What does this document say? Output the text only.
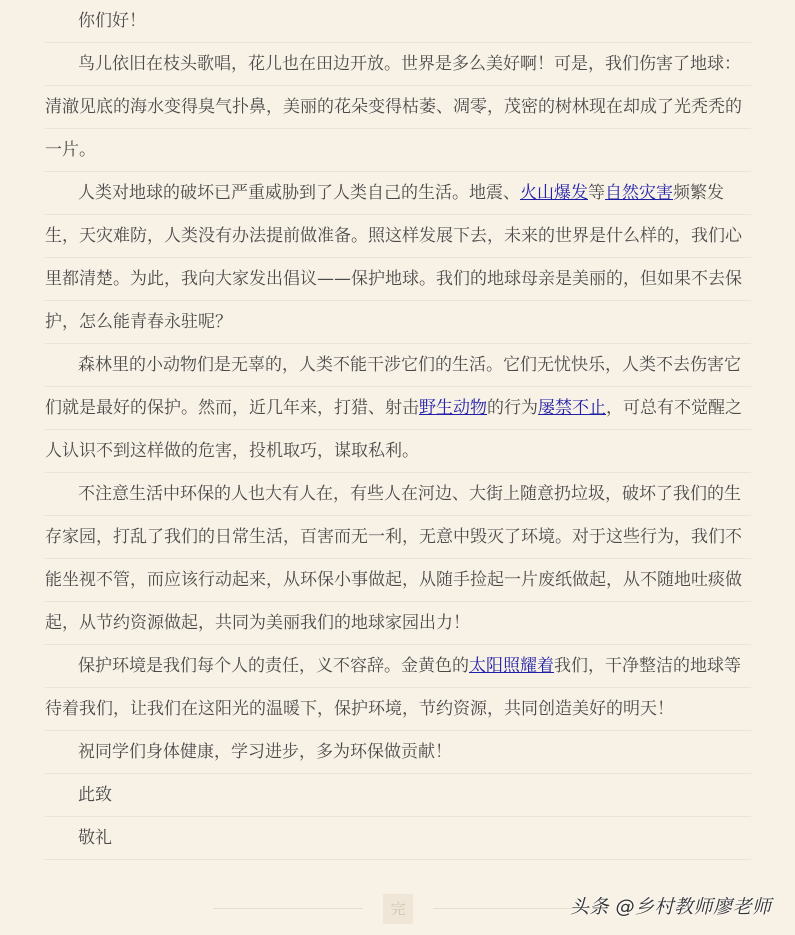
你们好！
鸟儿依旧在枝头歌唱，花儿也在田边开放。世界是多么美好啊！可是，我们伤害了地球：
清澈见底的海水变得臭气扑鼻，美丽的花朵变得枯萎、凋零，茂密的树林现在却成了光秃秃的
一片。
人类对地球的破坏已严重威胁到了人类自己的生活。地震、火山爆发等自然灾害频繁发
生，天灾难防，人类没有办法提前做准备。照这样发展下去，未来的世界是什么样的，我们心
里都清楚。为此，我向大家发出倡议——保护地球。我们的地球母亲是美丽的，但如果不去保
护，怎么能青春永驻呢？
森林里的小动物们是无辜的，人类不能干涉它们的生活。它们无忧快乐，人类不去伤害它
们就是最好的保护。然而，近几年来，打猎、射击野生动物的行为屡禁不止，可总有不觉醒之
人认识不到这样做的危害，投机取巧，谋取私利。
不注意生活中环保的人也大有人在，有些人在河边、大街上随意扔垃圾，破坏了我们的生
存家园，打乱了我们的日常生活，百害而无一利，无意中毁灭了环境。对于这些行为，我们不
能坐视不管，而应该行动起来，从环保小事做起，从随手捡起一片废纸做起，从不随地吐痰做
起，从节约资源做起，共同为美丽我们的地球家园出力！
保护环境是我们每个人的责任，义不容辞。金黄色的太阳照耀着我们，干净整洁的地球等
待着我们，让我们在这阳光的温暖下，保护环境，节约资源，共同创造美好的明天！
祝同学们身体健康，学习进步，多为环保做贡献！
此致
敬礼
完	头条 @乡村教师廖老师
